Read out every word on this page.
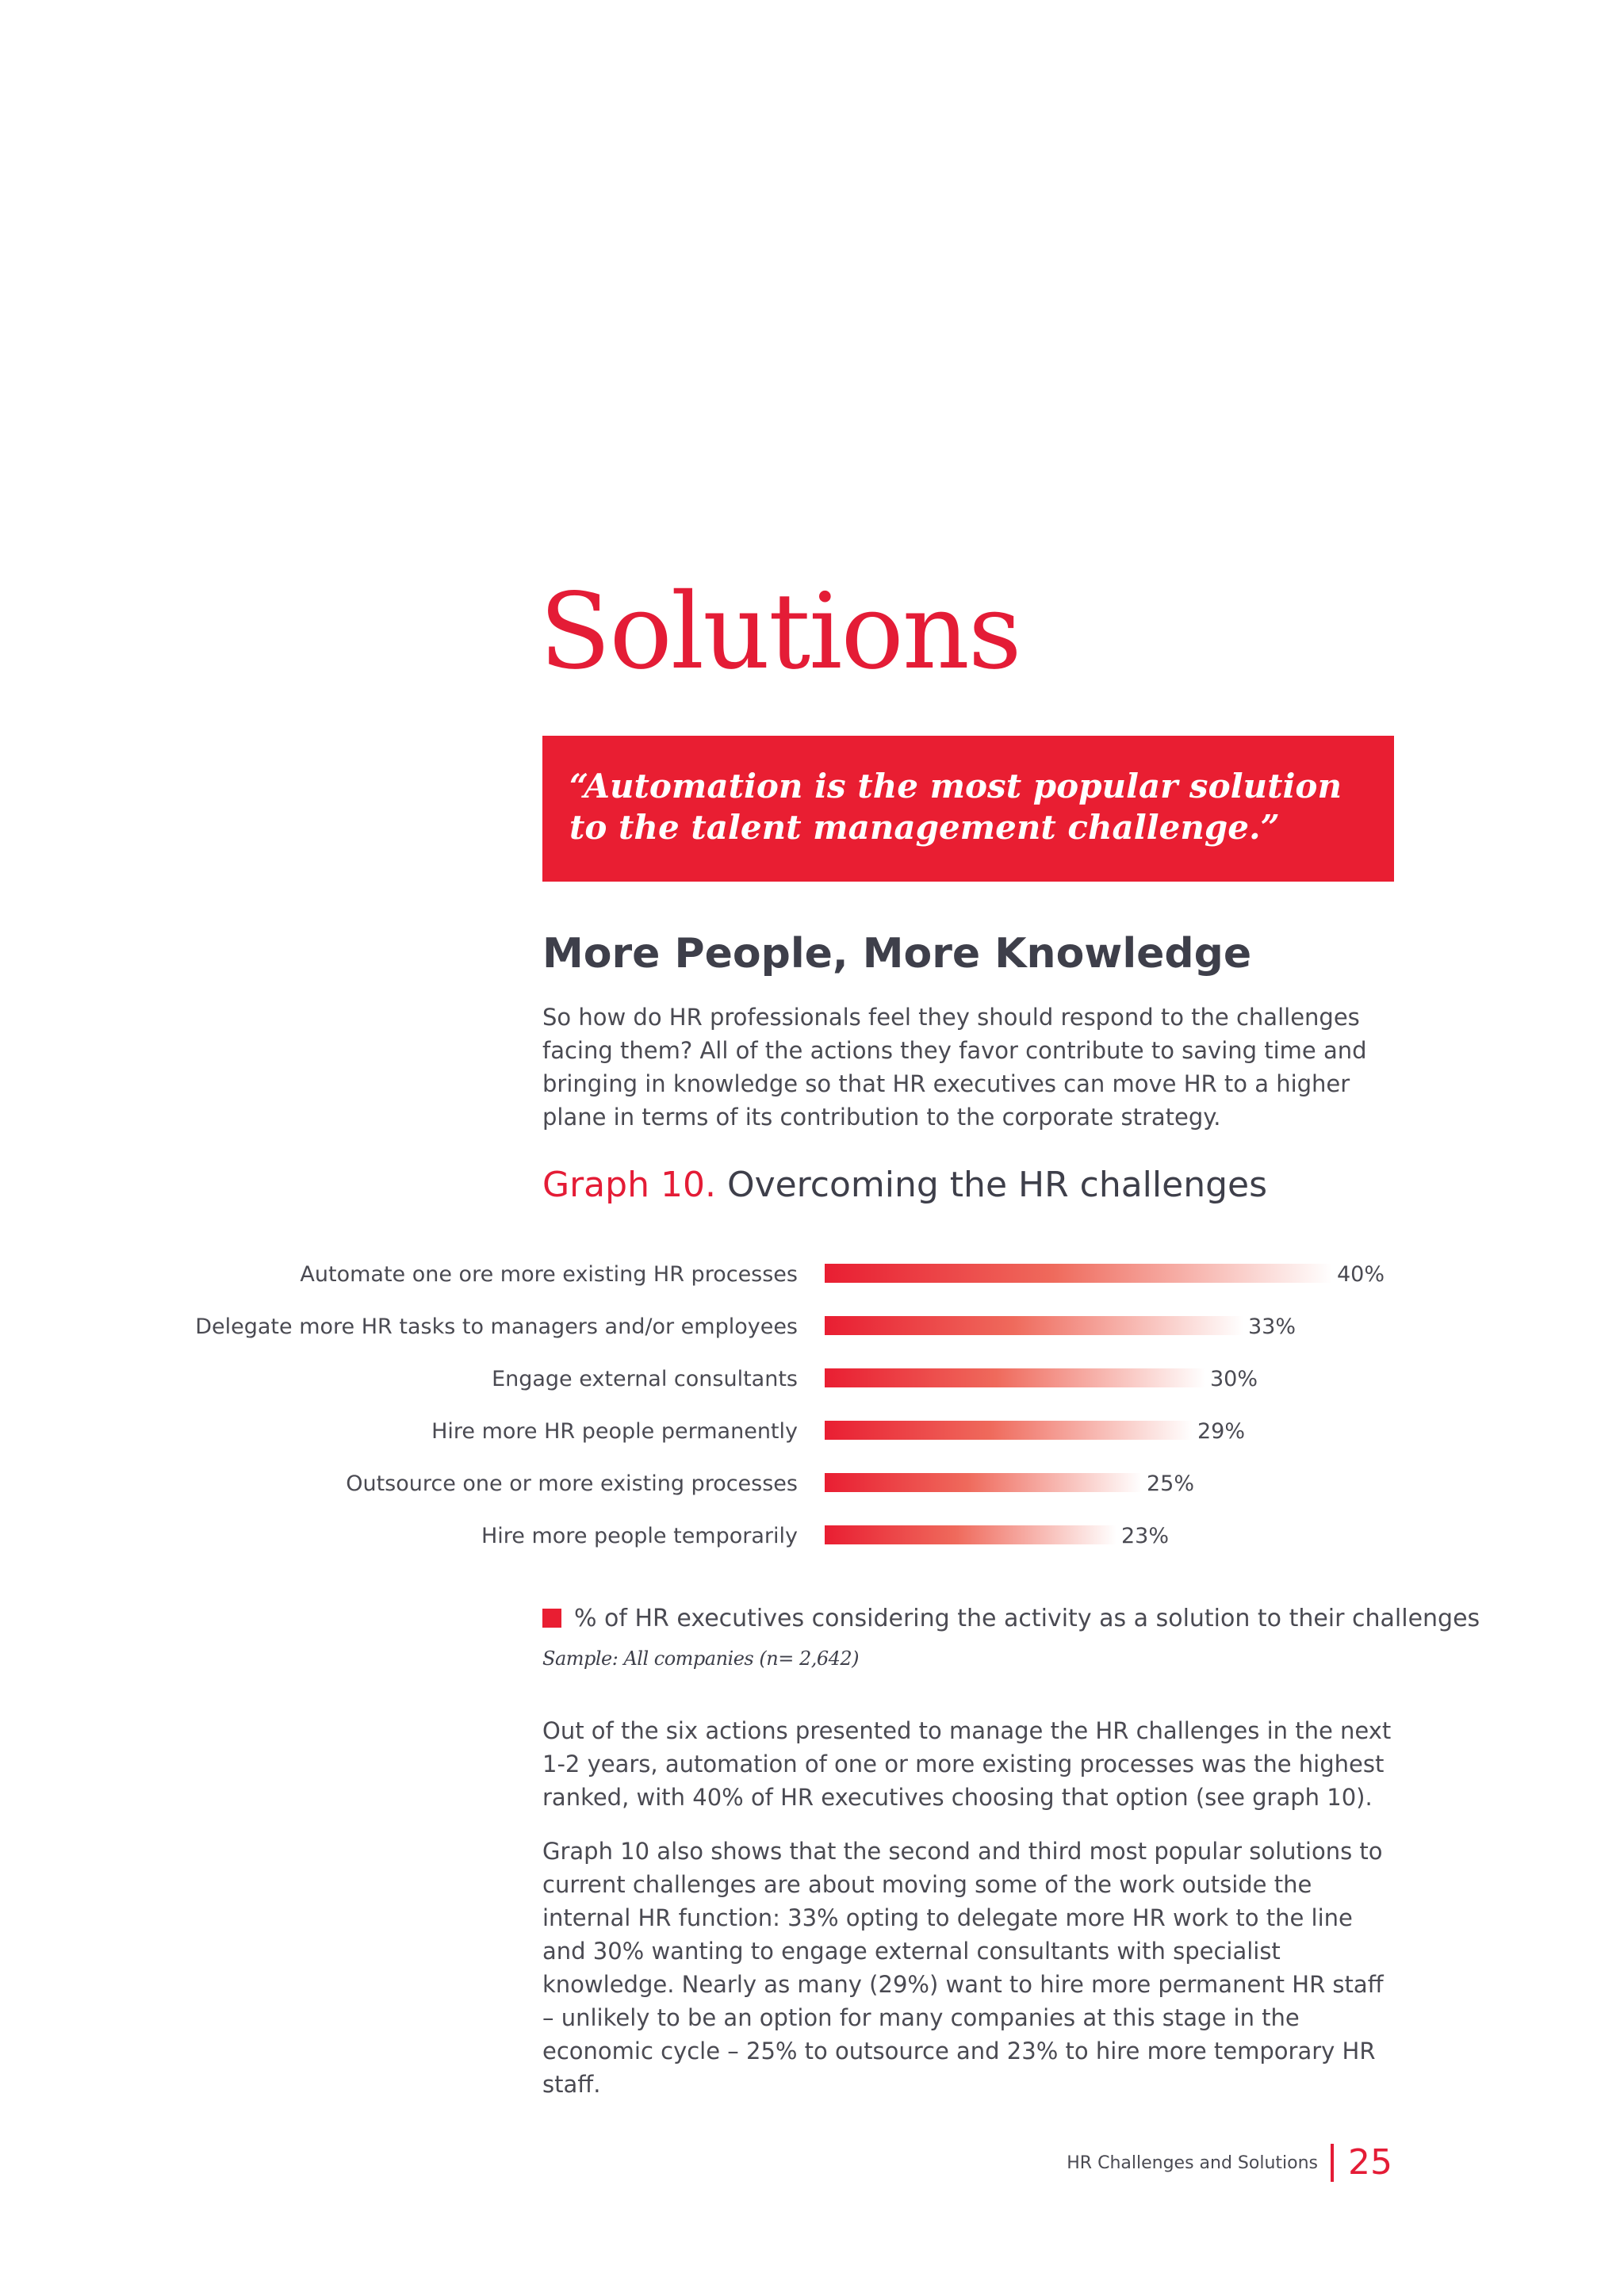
Solutions

“Automation is the most popular solution to the talent management challenge.”

More People, More Knowledge

So how do HR professionals feel they should respond to the challenges facing them? All of the actions they favor contribute to saving time and bringing in knowledge so that HR executives can move HR to a higher plane in terms of its contribution to the corporate strategy.

Graph 10. Overcoming the HR challenges
Automate one ore more existing HR processes	40%
Delegate more HR tasks to managers and/or employees	33%
Engage external consultants	30%
Hire more HR people permanently	29%
Outsource one or more existing processes	25%
Hire more people temporarily	23%
% of HR executives considering the activity as a solution to their challenges

Sample: All companies (n= 2,642)

Out of the six actions presented to manage the HR challenges in the next 1-2 years, automation of one or more existing processes was the highest ranked, with 40% of HR executives choosing that option (see graph 10).

Graph 10 also shows that the second and third most popular solutions to current challenges are about moving some of the work outside the internal HR function: 33% opting to delegate more HR work to the line and 30% wanting to engage external consultants with specialist knowledge. Nearly as many (29%) want to hire more permanent HR staff – unlikely to be an option for many companies at this stage in the economic cycle – 25% to outsource and 23% to hire more temporary HR staff.

HR Challenges and Solutions 25
